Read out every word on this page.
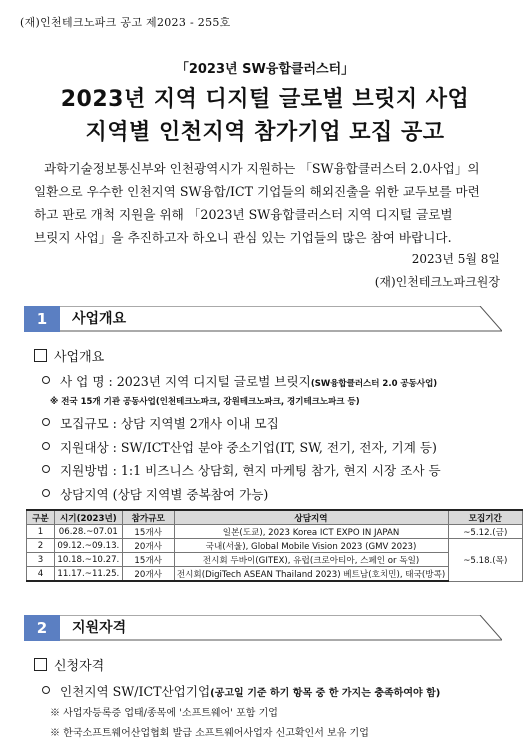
(재)인천테크노파크 공고 제2023 - 255호
「2023년 SW융합클러스터」
2023년 지역 디지털 글로벌 브릿지 사업
지역별 인천지역 참가기업 모집 공고
과학기술정보통신부와 인천광역시가 지원하는 「SW융합클러스터 2.0사업」의
일환으로 우수한 인천지역 SW융합/ICT 기업들의 해외진출을 위한 교두보를 마련
하고 판로 개척 지원을 위해 「2023년 SW융합클러스터 지역 디지털 글로벌
브릿지 사업」을 추진하고자 하오니 관심 있는 기업들의 많은 참여 바랍니다.
2023년 5월 8일
(재)인천테크노파크원장
1	사업개요
사업개요
사 업 명 : 2023년 지역 디지털 글로벌 브릿지(SW융합클러스터 2.0 공동사업)
※ 전국 15개 기관 공동사업(인천테크노파크, 강원테크노파크, 경기테크노파크 등)
모집규모 : 상담 지역별 2개사 이내 모집
지원대상 : SW/ICT산업 분야 중소기업(IT, SW, 전기, 전자, 기계 등)
지원방법 : 1:1 비즈니스 상담회, 현지 마케팅 참가, 현지 시장 조사 등
상담지역 (상담 지역별 중복참여 가능)
구분	시기(2023년)	참가규모	상담지역	모집기간
1	06.28.~07.01	15개사	일본(도쿄), 2023 Korea ICT EXPO IN JAPAN	~5.12.(금)
2	09.12.~09.13.	20개사	국내(서울), Global Mobile Vision 2023 (GMV 2023)	~5.18.(목)
3	10.18.~10.27.	15개사	전시회 두바이(GITEX), 유럽(크로아티아, 스페인 or 독일)	
4	11.17.~11.25.	20개사	전시회(DigiTech ASEAN Thailand 2023) 베트남(호치민), 태국(방콕)	
2	지원자격
신청자격
인천지역 SW/ICT산업기업(공고일 기준 하기 항목 중 한 가지는 충족하여야 함)
※ 사업자등록증 업태/종목에 '소프트웨어' 포함 기업
※ 한국소프트웨어산업협회 발급 소프트웨어사업자 신고확인서 보유 기업
